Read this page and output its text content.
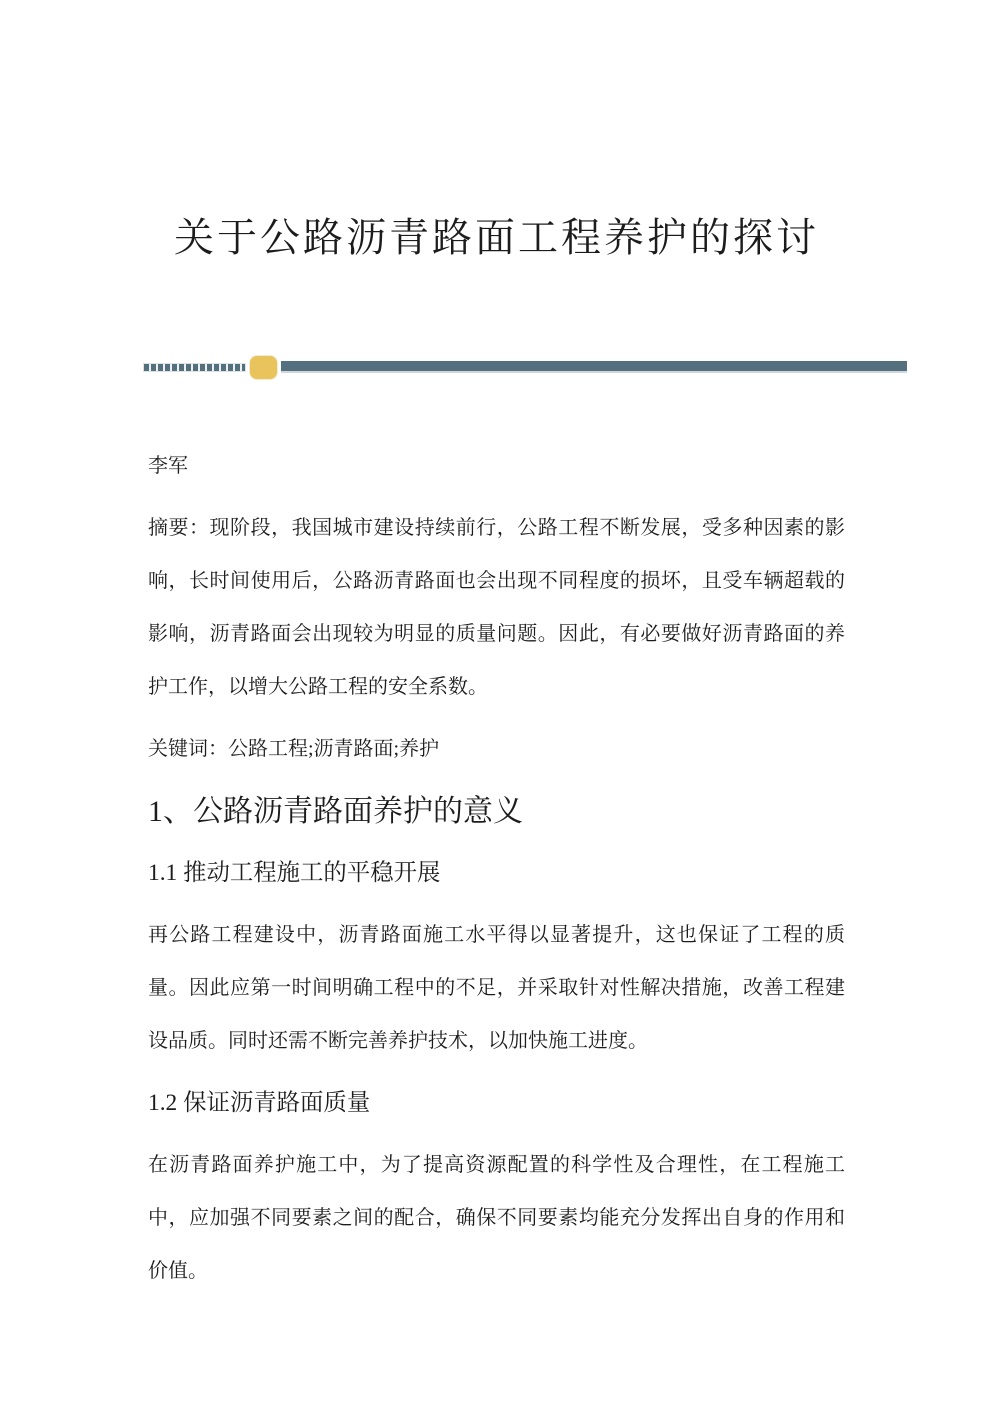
关于公路沥青路面工程养护的探讨

李军

摘要：现阶段，我国城市建设持续前行，公路工程不断发展，受多种因素的影响，长时间使用后，公路沥青路面也会出现不同程度的损坏，且受车辆超载的影响，沥青路面会出现较为明显的质量问题。因此，有必要做好沥青路面的养护工作，以增大公路工程的安全系数。

关键词：公路工程;沥青路面;养护

1、公路沥青路面养护的意义
1.1 推动工程施工的平稳开展

再公路工程建设中，沥青路面施工水平得以显著提升，这也保证了工程的质量。因此应第一时间明确工程中的不足，并采取针对性解决措施，改善工程建设品质。同时还需不断完善养护技术，以加快施工进度。

1.2 保证沥青路面质量

在沥青路面养护施工中，为了提高资源配置的科学性及合理性，在工程施工中，应加强不同要素之间的配合，确保不同要素均能充分发挥出自身的作用和价值。
